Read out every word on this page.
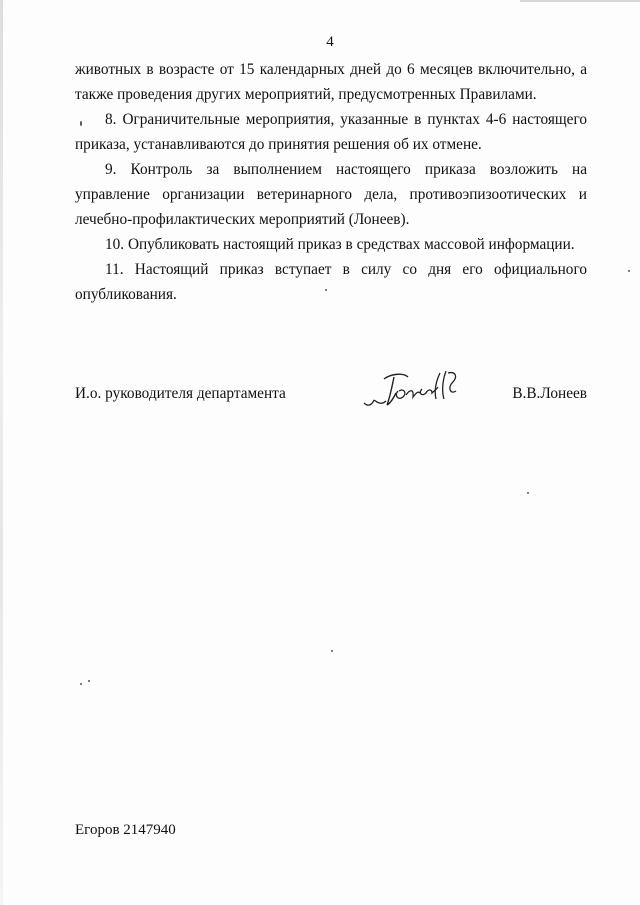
4

животных в возрасте от 15 календарных дней до 6 месяцев включительно, а также проведения других мероприятий, предусмотренных Правилами.

8. Ограничительные мероприятия, указанные в пунктах 4-6 настоящего приказа, устанавливаются до принятия решения об их отмене.

9. Контроль за выполнением настоящего приказа возложить на управление организации ветеринарного дела, противоэпизоотических и лечебно-профилактических мероприятий (Лонеев).

10. Опубликовать настоящий приказ в средствах массовой информации.

11. Настоящий приказ вступает в силу со дня его официального опубликования.

И.о. руководителя департамента	В.В.Лонеев
Егоров 2147940
